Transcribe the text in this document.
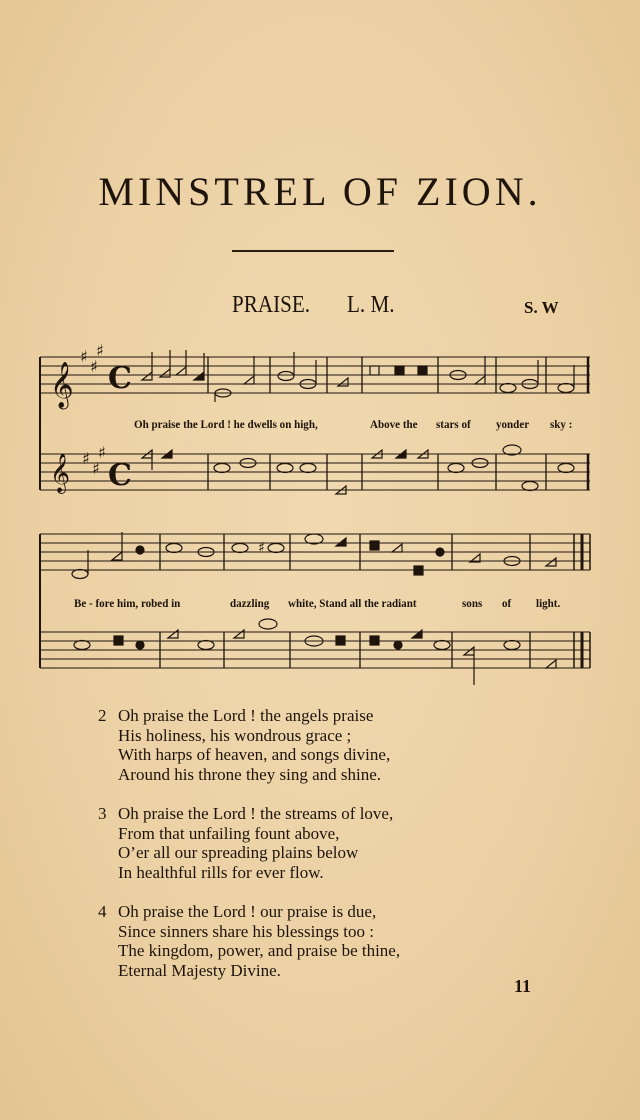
MINSTREL OF ZION.
PRAISE. L. M.	S. W
𝄞
♯
♯
♯
C
𝄞 ♯
♯
♯
C
♯
Oh praise the Lord ! he dwells on high,	Above the stars of yonder sky :
Be - fore him, robed in	dazzling white, Stand all the radiant	sons of light.
2 Oh praise the Lord ! the angels praise
His holiness, his wondrous grace ;
With harps of heaven, and songs divine,
Around his throne they sing and shine.
3 Oh praise the Lord ! the streams of love,
From that unfailing fount above,
O’er all our spreading plains below
In healthful rills for ever flow.
4 Oh praise the Lord ! our praise is due,
Since sinners share his blessings too :
The kingdom, power, and praise be thine,
Eternal Majesty Divine.
11
